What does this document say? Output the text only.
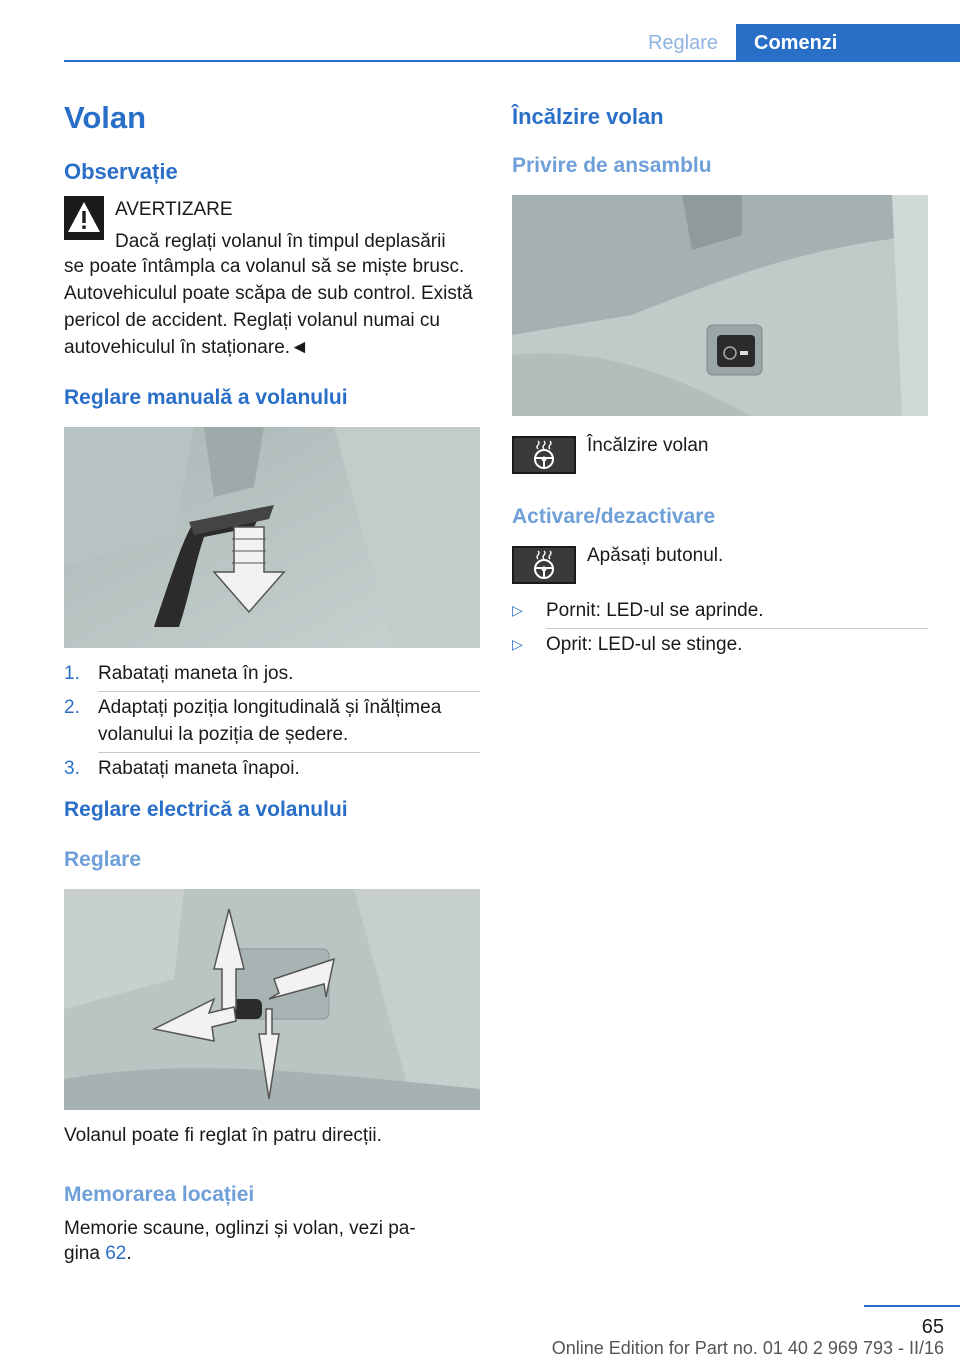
Reglare	Comenzi
Volan
Observație
AVERTIZARE
Dacă reglați volanul în timpul deplasării
se poate întâmpla ca volanul să se miște brusc. Autovehiculul poate scăpa de sub control. Există pericol de accident. Reglați volanul numai cu autovehiculul în staționare.◄
Reglare manuală a volanului
1. Rabatați maneta în jos.
2. Adaptați poziția longitudinală și înălțimea volanului la poziția de ședere.
3. Rabatați maneta înapoi.
Reglare electrică a volanului
Reglare
Volanul poate fi reglat în patru direcții.
Memorarea locației
Memorie scaune, oglinzi și volan, vezi pa-
gina 62.
Încălzire volan
Privire de ansamblu
Încălzire volan
Activare/dezactivare
Apăsați butonul.
▷	Pornit: LED-ul se aprinde.
▷	Oprit: LED-ul se stinge.
65
Online Edition for Part no. 01 40 2 969 793 - II/16
